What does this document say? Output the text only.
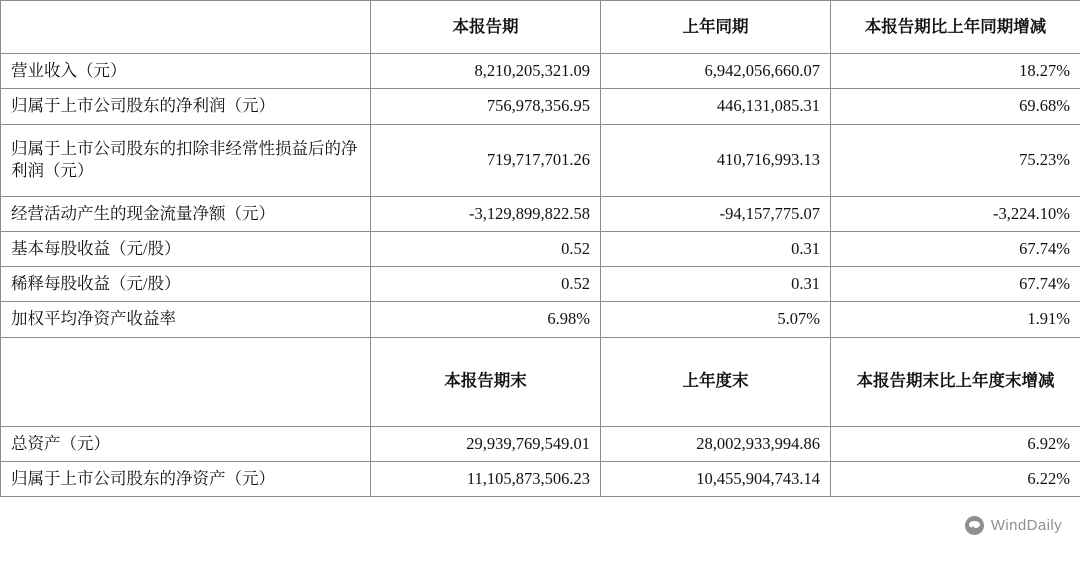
	本报告期	上年同期	本报告期比上年同期增减
营业收入（元）	8,210,205,321.09	6,942,056,660.07	18.27%
归属于上市公司股东的净利润（元）	756,978,356.95	446,131,085.31	69.68%
归属于上市公司股东的扣除非经常性损益后的净利润（元）	719,717,701.26	410,716,993.13	75.23%
经营活动产生的现金流量净额（元）	-3,129,899,822.58	-94,157,775.07	-3,224.10%
基本每股收益（元/股）	0.52	0.31	67.74%
稀释每股收益（元/股）	0.52	0.31	67.74%
加权平均净资产收益率	6.98%	5.07%	1.91%
	本报告期末	上年度末	本报告期末比上年度末增减
总资产（元）	29,939,769,549.01	28,002,933,994.86	6.92%
归属于上市公司股东的净资产（元）	11,105,873,506.23	10,455,904,743.14	6.22%
WindDaily
